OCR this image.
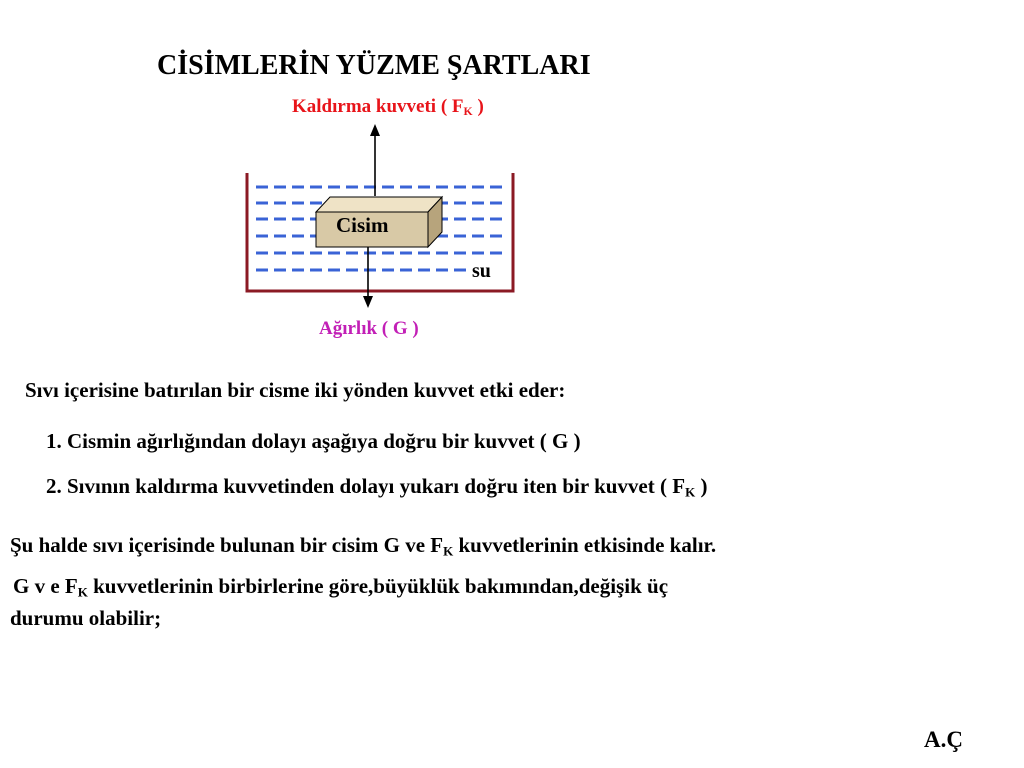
CİSİMLERİN YÜZME ŞARTLARI
Kaldırma kuvveti ( $F_K$ )
Cisim
su
Ağırlık ( G )
Sıvı içerisine batırılan bir cisme iki yönden kuvvet etki eder:
1. Cismin ağırlığından dolayı aşağıya doğru bir kuvvet ( G )
2. Sıvının kaldırma kuvvetinden dolayı yukarı doğru iten bir kuvvet ( $F_K$ )
Şu halde sıvı içerisinde bulunan bir cisim G ve $F_K$ kuvvetlerinin etkisinde kalır.
G v e $F_K$ kuvvetlerinin birbirlerine göre,büyüklük bakımından,değişik üç
durumu olabilir;
A.Ç
